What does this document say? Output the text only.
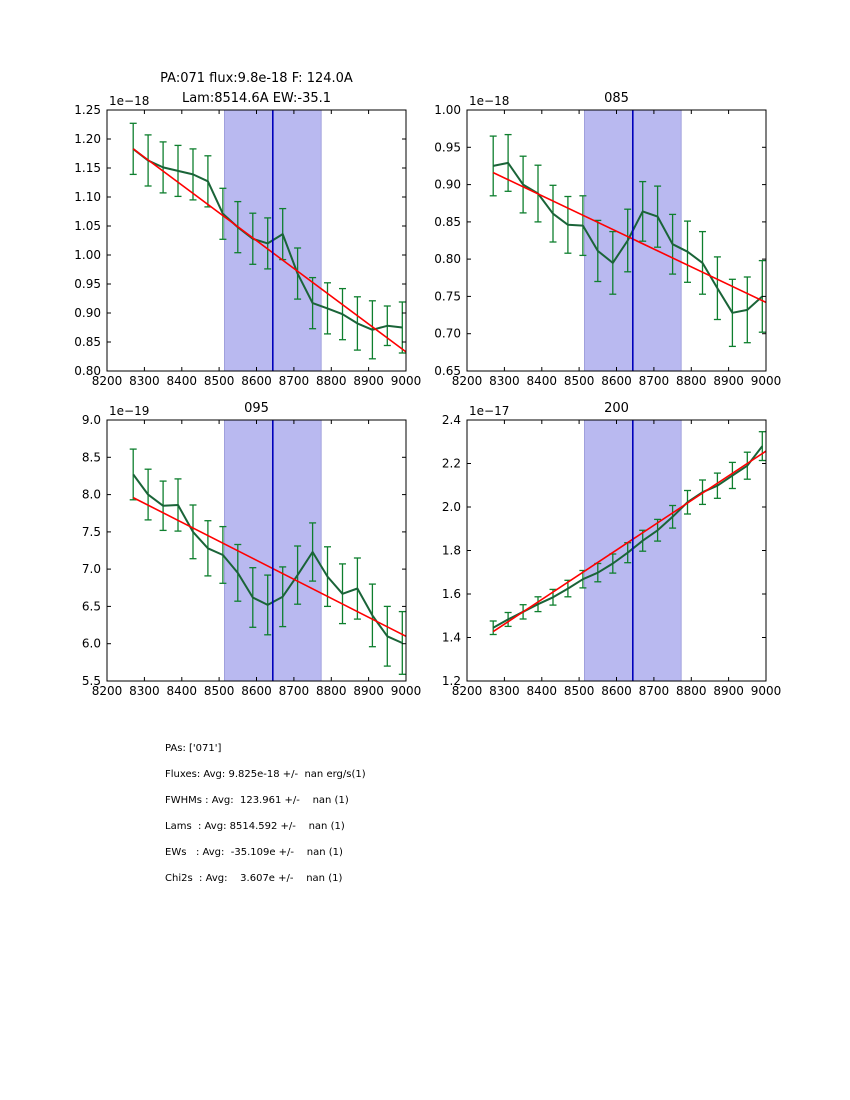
8200 8300 8400 8500 8600 8700 8800 8900 9000
0.80
0.85
0.90
0.95
1.00
1.05
1.10
1.15
1.20
1.25
PA:071 flux:9.8e-18 F: 124.0A
Lam:8514.6A EW:-35.1
1e−18
8200 8300 8400 8500 8600 8700 8800 8900 9000
0.65
0.70
0.75
0.80
0.85
0.90
0.95
1.00
085
1e−18
8200 8300 8400 8500 8600 8700 8800 8900 9000
5.5
6.0
6.5
7.0
7.5
8.0
8.5
9.0
095
1e−19
8200 8300 8400 8500 8600 8700 8800 8900 9000
1.2
1.4
1.6
1.8
2.0
2.2
2.4
200
1e−17
PAs: ['071']
Fluxes: Avg: 9.825e-18 +/-  nan erg/s(1)
FWHMs : Avg:  123.961 +/-    nan (1)
Lams  : Avg: 8514.592 +/-    nan (1)
EWs   : Avg:  -35.109e +/-    nan (1)
Chi2s  : Avg:    3.607e +/-    nan (1)
